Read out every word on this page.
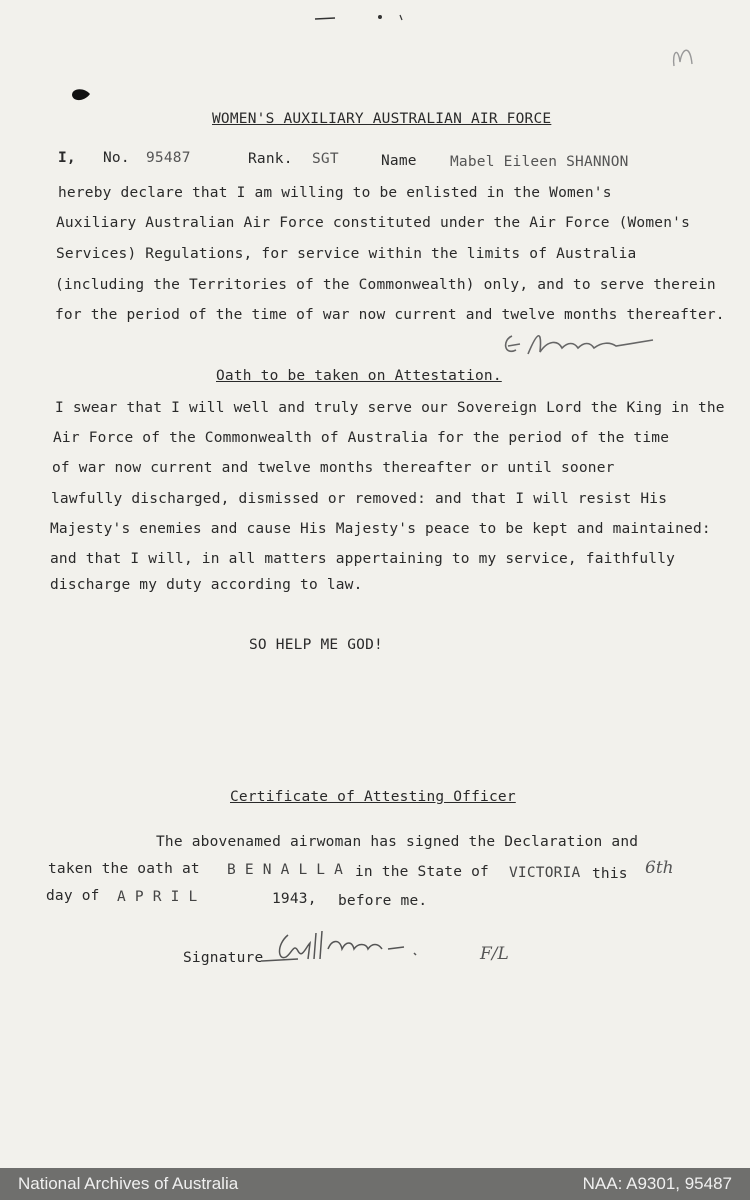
WOMEN'S AUXILIARY AUSTRALIAN AIR FORCE
I, No. 95487	Rank. SGT	Name Mabel Eileen SHANNON
hereby declare that I am willing to be enlisted in the Women's
Auxiliary Australian Air Force constituted under the Air Force (Women's
Services) Regulations, for service within the limits of Australia
(including the Territories of the Commonwealth) only, and to serve therein
for the period of the time of war now current and twelve months thereafter.
Oath to be taken on Attestation.
I swear that I will well and truly serve our Sovereign Lord the King in the
Air Force of the Commonwealth of Australia for the period of the time
of war now current and twelve months thereafter or until sooner
lawfully discharged, dismissed or removed: and that I will resist His
Majesty's enemies and cause His Majesty's peace to be kept and maintained:
and that I will, in all matters appertaining to my service, faithfully
discharge my duty according to law.
SO HELP ME GOD!
Certificate of Attesting Officer
The abovenamed airwoman has signed the Declaration and
taken the oath at B E N A L L A in the State of VICTORIA this 6th
day of A P R I L	1943, before me.
Signature	F/L
National Archives of Australia	NAA: A9301, 95487
